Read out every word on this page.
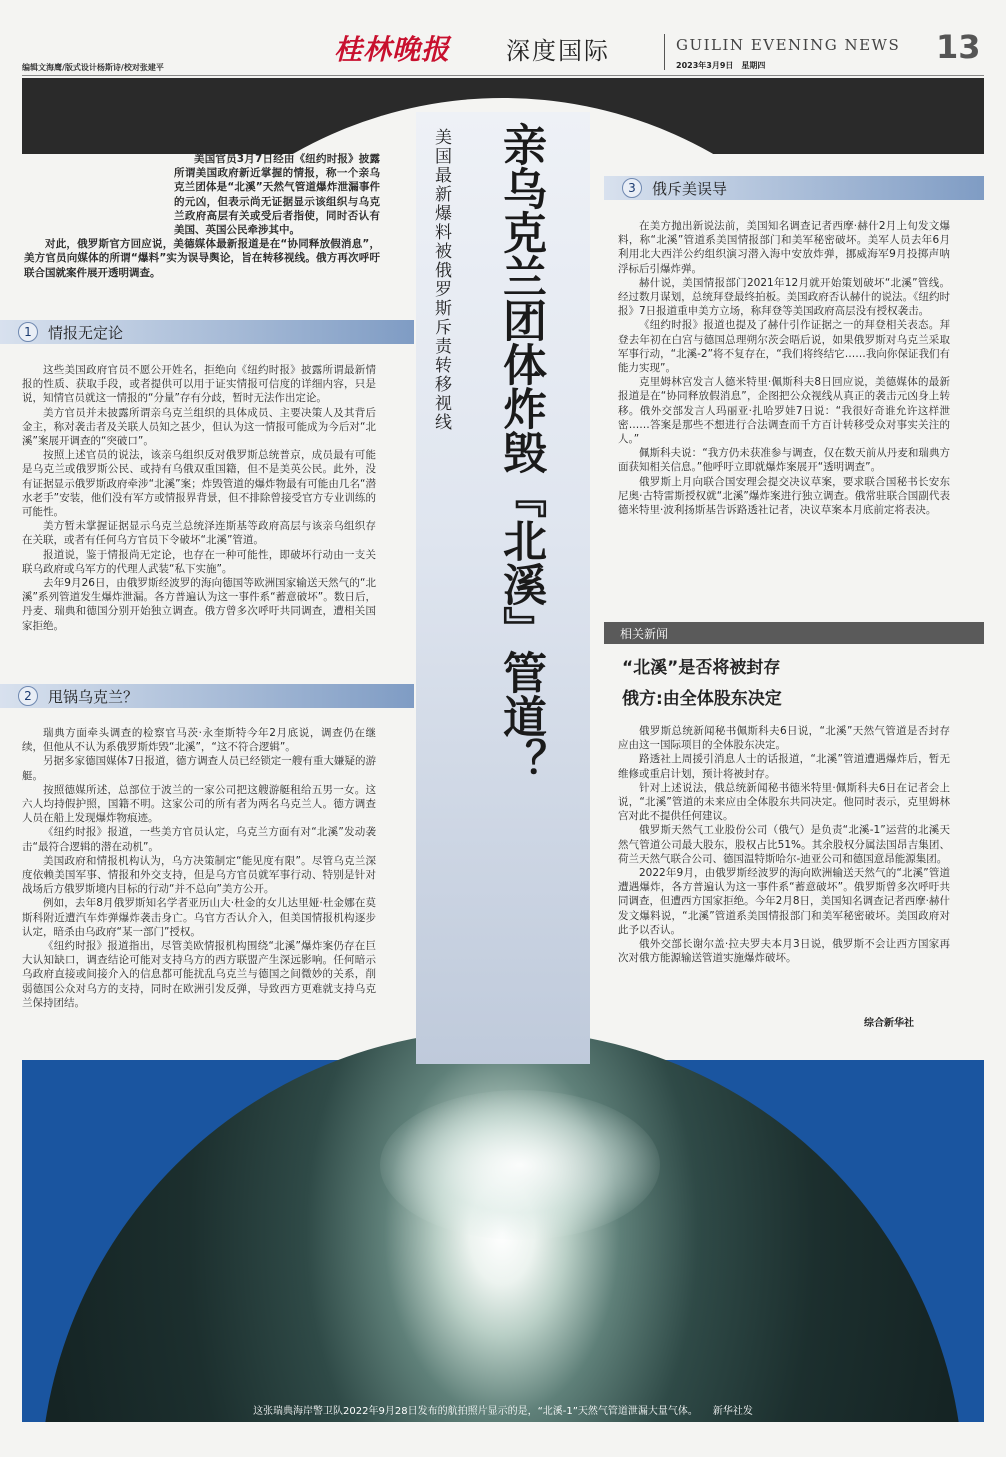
编辑文海鹰/版式设计杨斯诗/校对张建平
桂林晚报 深度国际	GUILIN EVENING NEWS
2023年3月9日　星期四	13
这张瑞典海岸警卫队2022年9月28日发布的航拍照片显示的是，“北溪-1”天然气管道泄漏大量气体。　　新华社发
美国最新爆料被俄罗斯斥责转移视线	亲乌克兰团体炸毁『北溪』管道？

美国官员3月7日经由《纽约时报》披露所谓美国政府新近掌握的情报，称一个亲乌克兰团体是“北溪”天然气管道爆炸泄漏事件的元凶，但表示尚无证据显示该组织与乌克兰政府高层有关或受后者指使，同时否认有美国、英国公民牵涉其中。

对此，俄罗斯官方回应说，美德媒体最新报道是在“协同释放假消息”，美方官员向媒体的所谓“爆料”实为误导舆论，旨在转移视线。俄方再次呼吁联合国就案件展开透明调查。

1	情报无定论

这些美国政府官员不愿公开姓名，拒绝向《纽约时报》披露所谓最新情报的性质、获取手段，或者提供可以用于证实情报可信度的详细内容，只是说，知情官员就这一情报的“分量”存有分歧，暂时无法作出定论。

美方官员并未披露所谓亲乌克兰组织的具体成员、主要决策人及其背后金主，称对袭击者及关联人员知之甚少，但认为这一情报可能成为今后对“北溪”案展开调查的“突破口”。

按照上述官员的说法，该亲乌组织反对俄罗斯总统普京，成员最有可能是乌克兰或俄罗斯公民、或持有乌俄双重国籍，但不是美英公民。此外，没有证据显示俄罗斯政府牵涉“北溪”案；炸毁管道的爆炸物最有可能由几名“潜水老手”安装，他们没有军方或情报界背景，但不排除曾接受官方专业训练的可能性。

美方暂未掌握证据显示乌克兰总统泽连斯基等政府高层与该亲乌组织存在关联，或者有任何乌方官员下令破坏“北溪”管道。

报道说，鉴于情报尚无定论，也存在一种可能性，即破坏行动由一支关联乌政府或乌军方的代理人武装“私下实施”。

去年9月26日，由俄罗斯经波罗的海向德国等欧洲国家输送天然气的“北溪”系列管道发生爆炸泄漏。各方普遍认为这一事件系“蓄意破坏”。数日后，丹麦、瑞典和德国分别开始独立调查。俄方曾多次呼吁共同调查，遭相关国家拒绝。

2	甩锅乌克兰？

瑞典方面牵头调查的检察官马茨·永奎斯特今年2月底说，调查仍在继续，但他从不认为系俄罗斯炸毁“北溪”，“这不符合逻辑”。

另据多家德国媒体7日报道，德方调查人员已经锁定一艘有重大嫌疑的游艇。

按照德媒所述，总部位于波兰的一家公司把这艘游艇租给五男一女。这六人均持假护照，国籍不明。这家公司的所有者为两名乌克兰人。德方调查人员在船上发现爆炸物痕迹。

《纽约时报》报道，一些美方官员认定，乌克兰方面有对“北溪”发动袭击“最符合逻辑的潜在动机”。

美国政府和情报机构认为，乌方决策制定“能见度有限”。尽管乌克兰深度依赖美国军事、情报和外交支持，但是乌方官员就军事行动、特别是针对战场后方俄罗斯境内目标的行动“并不总向”美方公开。

例如，去年8月俄罗斯知名学者亚历山大·杜金的女儿达里娅·杜金娜在莫斯科附近遭汽车炸弹爆炸袭击身亡。乌官方否认介入，但美国情报机构逐步认定，暗杀由乌政府“某一部门”授权。

《纽约时报》报道指出，尽管美欧情报机构围绕“北溪”爆炸案仍存在巨大认知缺口，调查结论可能对支持乌方的西方联盟产生深远影响。任何暗示乌政府直接或间接介入的信息都可能扰乱乌克兰与德国之间微妙的关系，削弱德国公众对乌方的支持，同时在欧洲引发反弹，导致西方更难就支持乌克兰保持团结。

3	俄斥美误导

在美方抛出新说法前，美国知名调查记者西摩·赫什2月上旬发文爆料，称“北溪”管道系美国情报部门和美军秘密破坏。美军人员去年6月利用北大西洋公约组织演习潜入海中安放炸弹，挪威海军9月投掷声呐浮标后引爆炸弹。

赫什说，美国情报部门2021年12月就开始策划破坏“北溪”管线。经过数月谋划，总统拜登最终拍板。美国政府否认赫什的说法。《纽约时报》7日报道重申美方立场，称拜登等美国政府高层没有授权袭击。

《纽约时报》报道也提及了赫什引作证据之一的拜登相关表态。拜登去年初在白宫与德国总理朔尔茨会晤后说，如果俄罗斯对乌克兰采取军事行动，“北溪-2”将不复存在，“我们将终结它……我向你保证我们有能力实现”。

克里姆林宫发言人德米特里·佩斯科夫8日回应说，美德媒体的最新报道是在“协同释放假消息”，企图把公众视线从真正的袭击元凶身上转移。俄外交部发言人玛丽亚·扎哈罗娃7日说：“我很好奇谁允许这样泄密……答案是那些不想进行合法调查而千方百计转移受众对事实关注的人。”

佩斯科夫说：“我方仍未获准参与调查，仅在数天前从丹麦和瑞典方面获知相关信息。”他呼吁立即就爆炸案展开“透明调查”。

俄罗斯上月向联合国安理会提交决议草案，要求联合国秘书长安东尼奥·古特雷斯授权就“北溪”爆炸案进行独立调查。俄常驻联合国副代表德米特里·波利扬斯基告诉路透社记者，决议草案本月底前定将表决。

相关新闻
“北溪”是否将被封存
俄方:由全体股东决定

俄罗斯总统新闻秘书佩斯科夫6日说，“北溪”天然气管道是否封存应由这一国际项目的全体股东决定。

路透社上周援引消息人士的话报道，“北溪”管道遭遇爆炸后，暂无维修或重启计划，预计将被封存。

针对上述说法，俄总统新闻秘书德米特里·佩斯科夫6日在记者会上说，“北溪”管道的未来应由全体股东共同决定。他同时表示，克里姆林宫对此不提供任何建议。

俄罗斯天然气工业股份公司（俄气）是负责“北溪-1”运营的北溪天然气管道公司最大股东，股权占比51%。其余股权分属法国昂吉集团、荷兰天然气联合公司、德国温特斯哈尔-迪亚公司和德国意昂能源集团。

2022年9月，由俄罗斯经波罗的海向欧洲输送天然气的“北溪”管道遭遇爆炸，各方普遍认为这一事件系“蓄意破坏”。俄罗斯曾多次呼吁共同调查，但遭西方国家拒绝。今年2月8日，美国知名调查记者西摩·赫什发文爆料说，“北溪”管道系美国情报部门和美军秘密破坏。美国政府对此予以否认。

俄外交部长谢尔盖·拉夫罗夫本月3日说，俄罗斯不会让西方国家再次对俄方能源输送管道实施爆炸破坏。

综合新华社
